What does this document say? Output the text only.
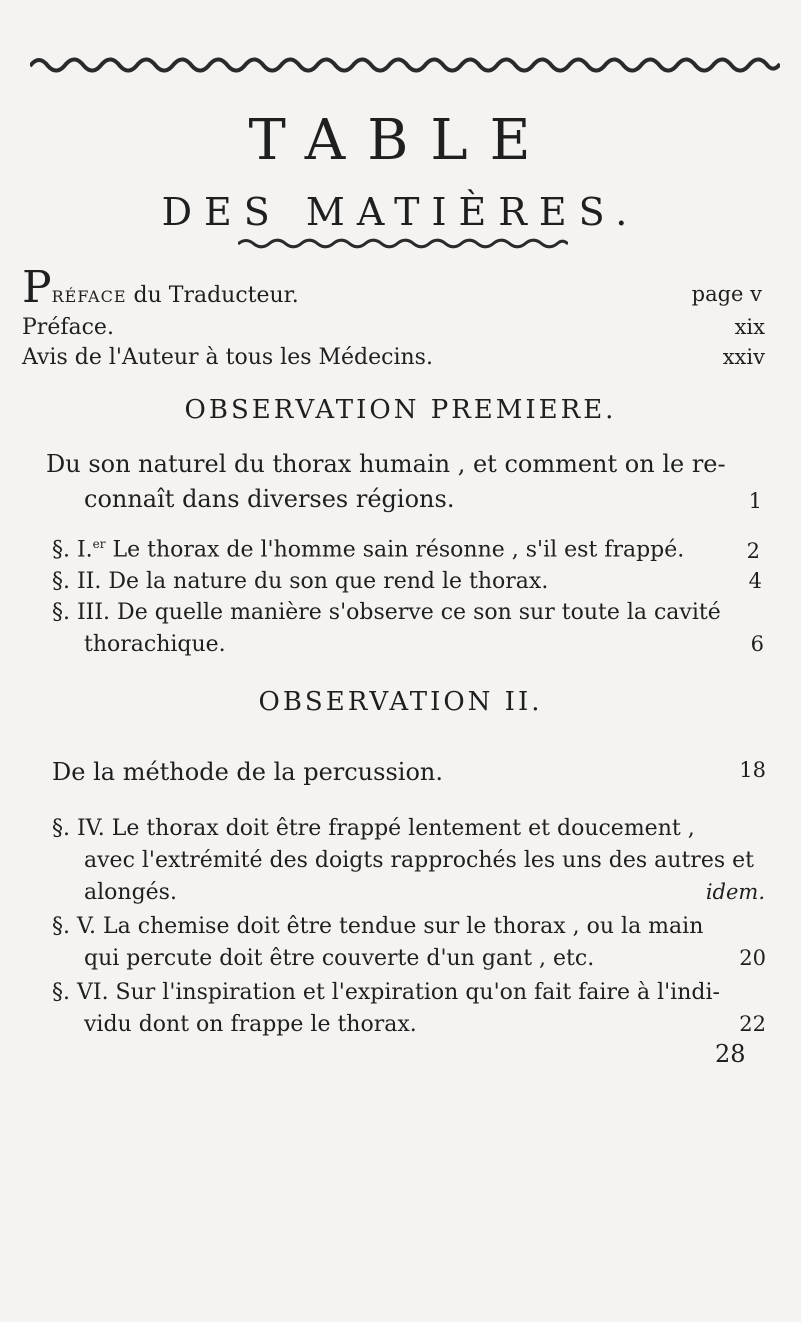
TABLE
DES MATIÈRES.
PRÉFACE du Traducteur.	page v
Préface.	xix
Avis de l'Auteur à tous les Médecins.	xxiv
OBSERVATION PREMIERE.
Du son naturel du thorax humain , et comment on le re-
connaît dans diverses régions.	1
§. I.$^{er}$ Le thorax de l'homme sain résonne , s'il est frappé.	2
§. II. De la nature du son que rend le thorax.	4
§. III. De quelle manière s'observe ce son sur toute la cavité
thorachique.	6
OBSERVATION II.
De la méthode de la percussion.	18
§. IV. Le thorax doit être frappé lentement et doucement ,
avec l'extrémité des doigts rapprochés les uns des autres et
alongés.	idem.
§. V. La chemise doit être tendue sur le thorax , ou la main
qui percute doit être couverte d'un gant , etc.	20
§. VI. Sur l'inspiration et l'expiration qu'on fait faire à l'indi-
vidu dont on frappe le thorax.	22
28
